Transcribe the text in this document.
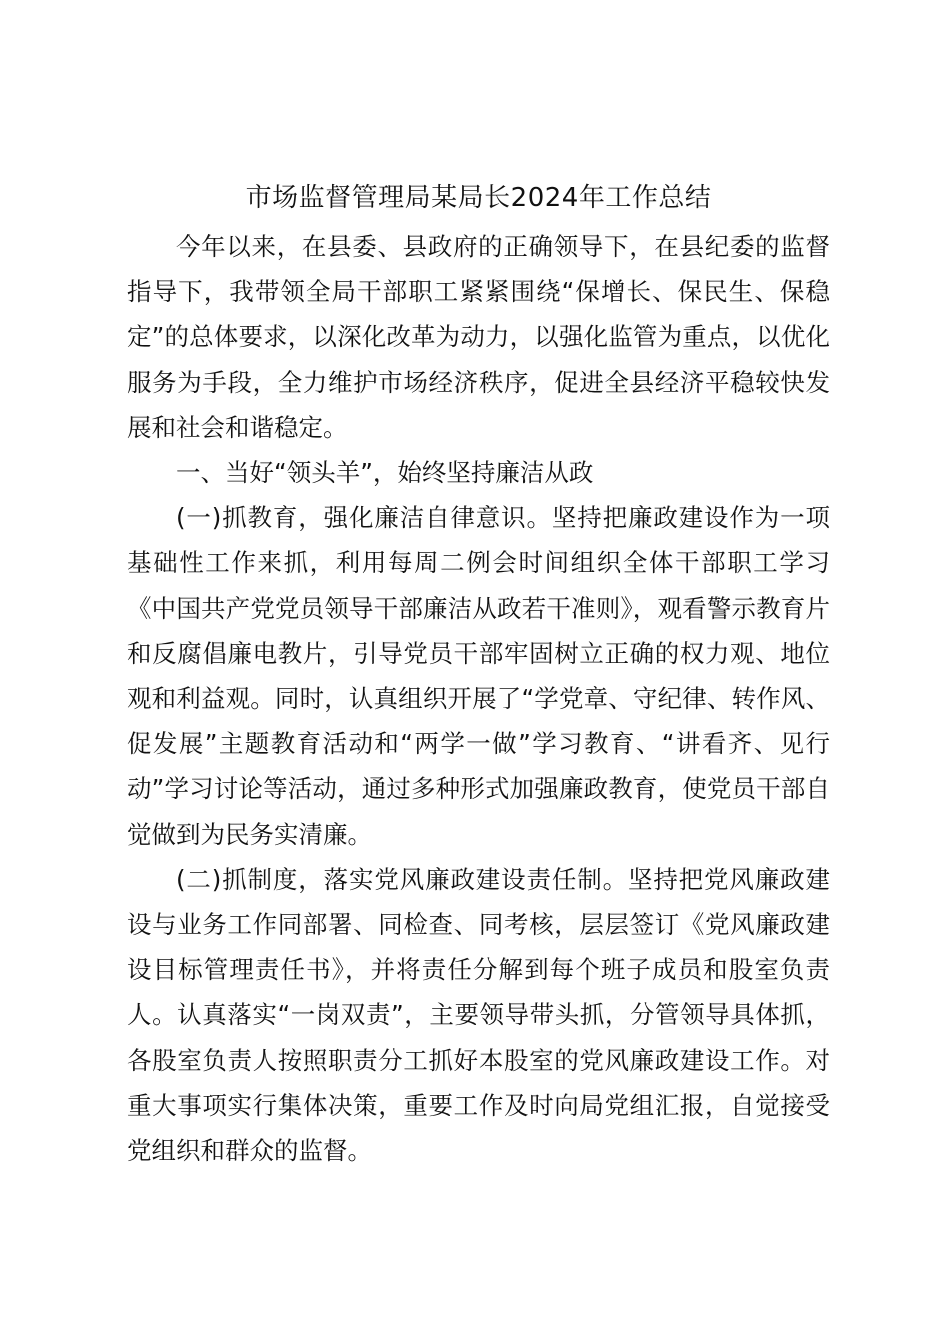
市场监督管理局某局长2024年工作总结

今年以来，在县委、县政府的正确领导下，在县纪委的监督指导下，我带领全局干部职工紧紧围绕“保增长、保民生、保稳定”的总体要求，以深化改革为动力，以强化监管为重点，以优化服务为手段，全力维护市场经济秩序，促进全县经济平稳较快发展和社会和谐稳定。

一、当好“领头羊”，始终坚持廉洁从政

(一)抓教育，强化廉洁自律意识。坚持把廉政建设作为一项基础性工作来抓，利用每周二例会时间组织全体干部职工学习《中国共产党党员领导干部廉洁从政若干准则》，观看警示教育片和反腐倡廉电教片，引导党员干部牢固树立正确的权力观、地位观和利益观。同时，认真组织开展了“学党章、守纪律、转作风、促发展”主题教育活动和“两学一做”学习教育、“讲看齐、见行动”学习讨论等活动，通过多种形式加强廉政教育，使党员干部自觉做到为民务实清廉。

(二)抓制度，落实党风廉政建设责任制。坚持把党风廉政建设与业务工作同部署、同检查、同考核，层层签订《党风廉政建设目标管理责任书》，并将责任分解到每个班子成员和股室负责人。认真落实“一岗双责”，主要领导带头抓，分管领导具体抓，各股室负责人按照职责分工抓好本股室的党风廉政建设工作。对重大事项实行集体决策，重要工作及时向局党组汇报，自觉接受党组织和群众的监督。
